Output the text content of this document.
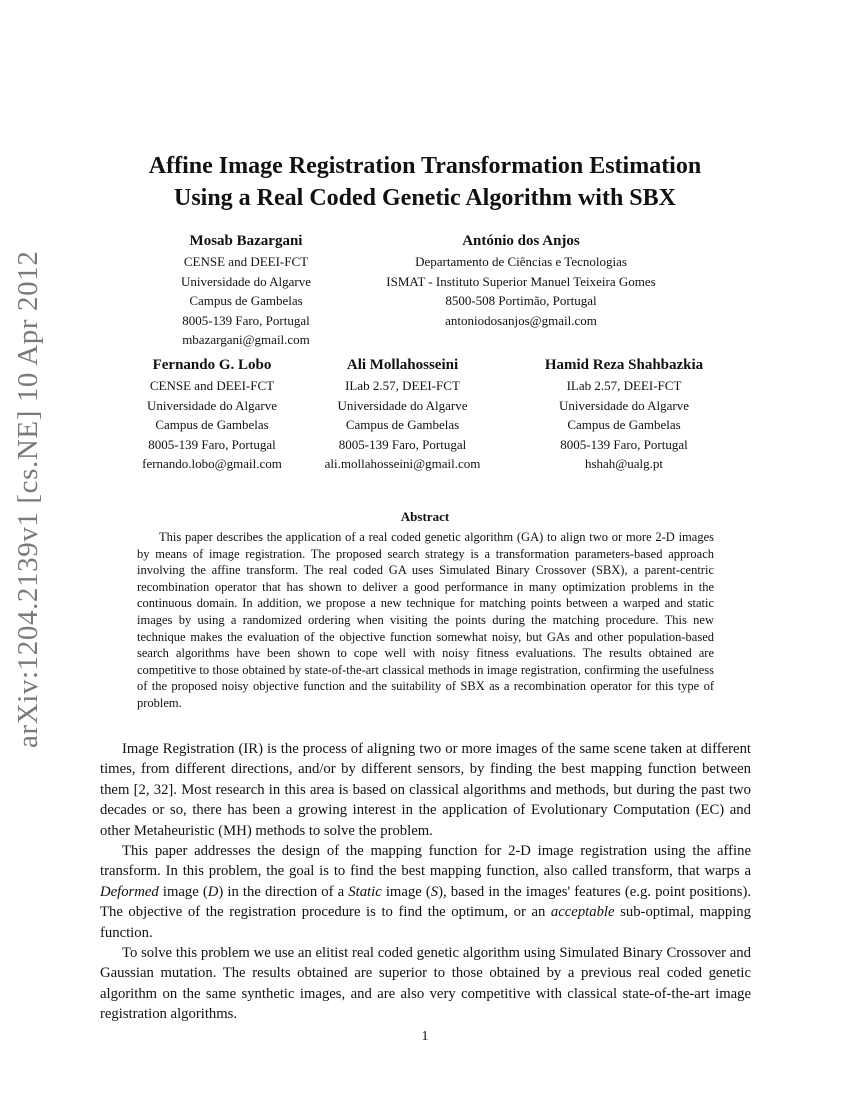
arXiv:1204.2139v1 [cs.NE] 10 Apr 2012
Affine Image Registration Transformation Estimation
Using a Real Coded Genetic Algorithm with SBX
Mosab Bazargani
CENSE and DEEI-FCT
Universidade do Algarve
Campus de Gambelas
8005-139 Faro, Portugal
mbazargani@gmail.com
António dos Anjos
Departamento de Ciências e Tecnologias
ISMAT - Instituto Superior Manuel Teixeira Gomes
8500-508 Portimão, Portugal
antoniodosanjos@gmail.com
Fernando G. Lobo
CENSE and DEEI-FCT
Universidade do Algarve
Campus de Gambelas
8005-139 Faro, Portugal
fernando.lobo@gmail.com
Ali Mollahosseini
ILab 2.57, DEEI-FCT
Universidade do Algarve
Campus de Gambelas
8005-139 Faro, Portugal
ali.mollahosseini@gmail.com
Hamid Reza Shahbazkia
ILab 2.57, DEEI-FCT
Universidade do Algarve
Campus de Gambelas
8005-139 Faro, Portugal
hshah@ualg.pt
Abstract

This paper describes the application of a real coded genetic algorithm (GA) to align two or more 2-D images by means of image registration. The proposed search strategy is a transformation parameters-based approach involving the affine transform. The real coded GA uses Simulated Binary Crossover (SBX), a parent-centric recombination operator that has shown to deliver a good performance in many optimization problems in the continuous domain. In addition, we propose a new technique for matching points between a warped and static images by using a randomized ordering when visiting the points during the matching procedure. This new technique makes the evaluation of the objective function somewhat noisy, but GAs and other population-based search algorithms have been shown to cope well with noisy fitness evaluations. The results obtained are competitive to those obtained by state-of-the-art classical methods in image registration, confirming the usefulness of the proposed noisy objective function and the suitability of SBX as a recombination operator for this type of problem.

Image Registration (IR) is the process of aligning two or more images of the same scene taken at different times, from different directions, and/or by different sensors, by finding the best mapping function between them [2, 32]. Most research in this area is based on classical algorithms and methods, but during the past two decades or so, there has been a growing interest in the application of Evolutionary Computation (EC) and other Metaheuristic (MH) methods to solve the problem.

This paper addresses the design of the mapping function for 2-D image registration using the affine transform. In this problem, the goal is to find the best mapping function, also called transform, that warps a Deformed image (D) in the direction of a Static image (S), based in the images' features (e.g. point positions). The objective of the registration procedure is to find the optimum, or an acceptable sub-optimal, mapping function.

To solve this problem we use an elitist real coded genetic algorithm using Simulated Binary Crossover and Gaussian mutation. The results obtained are superior to those obtained by a previous real coded genetic algorithm on the same synthetic images, and are also very competitive with classical state-of-the-art image registration algorithms.

1
